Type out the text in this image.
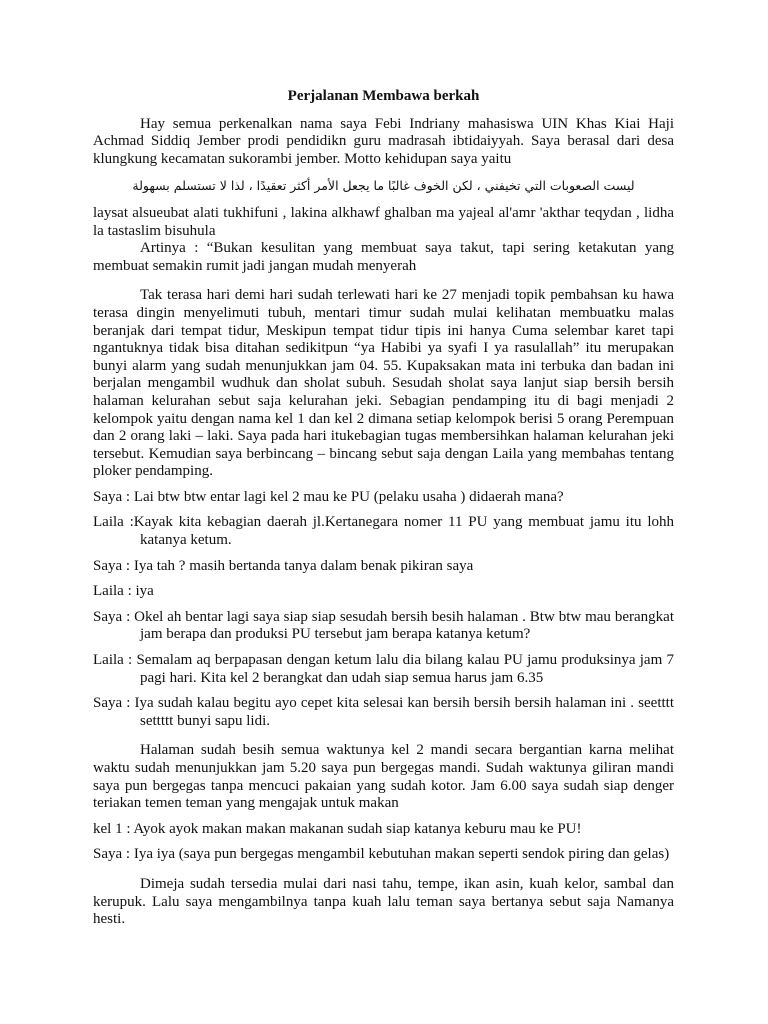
Perjalanan Membawa berkah

Hay semua perkenalkan nama saya Febi Indriany mahasiswa UIN Khas Kiai Haji Achmad Siddiq Jember prodi pendidikn guru madrasah ibtidaiyyah. Saya berasal dari desa klungkung kecamatan sukorambi jember. Motto kehidupan saya yaitu

ليست الصعوبات التي تخيفني ، لكن الخوف غالبًا ما يجعل الأمر أكثر تعقيدًا ، لذا لا تستسلم بسهولة

laysat alsueubat alati tukhifuni , lakina alkhawf ghalban ma yajeal al'amr 'akthar teqydan , lidha la tastaslim bisuhula

Artinya : “Bukan kesulitan yang membuat saya takut, tapi sering ketakutan yang membuat semakin rumit jadi jangan mudah menyerah

Tak terasa hari demi hari sudah terlewati hari ke 27 menjadi topik pembahsan ku hawa terasa dingin menyelimuti tubuh, mentari timur sudah mulai kelihatan membuatku malas beranjak dari tempat tidur, Meskipun tempat tidur tipis ini hanya Cuma selembar karet tapi ngantuknya tidak bisa ditahan sedikitpun “ya Habibi ya syafi I ya rasulallah” itu merupakan bunyi alarm yang sudah menunjukkan jam 04. 55. Kupaksakan mata ini terbuka dan badan ini berjalan mengambil wudhuk dan sholat subuh. Sesudah sholat saya lanjut siap bersih bersih halaman kelurahan sebut saja kelurahan jeki. Sebagian pendamping itu di bagi menjadi 2 kelompok yaitu dengan nama kel 1 dan kel 2 dimana setiap kelompok berisi 5 orang Perempuan dan 2 orang laki – laki. Saya pada hari itukebagian tugas membersihkan halaman kelurahan jeki tersebut. Kemudian saya berbincang – bincang sebut saja dengan Laila yang membahas tentang ploker pendamping.

Saya : Lai btw btw entar lagi kel 2 mau ke PU (pelaku usaha ) didaerah mana?

Laila :Kayak kita kebagian daerah jl.Kertanegara nomer 11 PU yang membuat jamu itu lohh katanya ketum.

Saya : Iya tah ? masih bertanda tanya dalam benak pikiran saya

Laila : iya

Saya : Okel ah bentar lagi saya siap siap sesudah bersih besih halaman . Btw btw mau berangkat jam berapa dan produksi PU tersebut jam berapa katanya ketum?

Laila : Semalam aq berpapasan dengan ketum lalu dia bilang kalau PU jamu produksinya jam 7 pagi hari. Kita kel 2 berangkat dan udah siap semua harus jam 6.35

Saya : Iya sudah kalau begitu ayo cepet kita selesai kan bersih bersih bersih halaman ini . seetttt settttt bunyi sapu lidi.

Halaman sudah besih semua waktunya kel 2 mandi secara bergantian karna melihat waktu sudah menunjukkan jam 5.20 saya pun bergegas mandi. Sudah waktunya giliran mandi saya pun bergegas tanpa mencuci pakaian yang sudah kotor. Jam 6.00 saya sudah siap denger teriakan temen teman yang mengajak untuk makan

kel 1 : Ayok ayok makan makan makanan sudah siap katanya keburu mau ke PU!

Saya : Iya iya (saya pun bergegas mengambil kebutuhan makan seperti sendok piring dan gelas)

Dimeja sudah tersedia mulai dari nasi tahu, tempe, ikan asin, kuah kelor, sambal dan kerupuk. Lalu saya mengambilnya tanpa kuah lalu teman saya bertanya sebut saja Namanya hesti.
